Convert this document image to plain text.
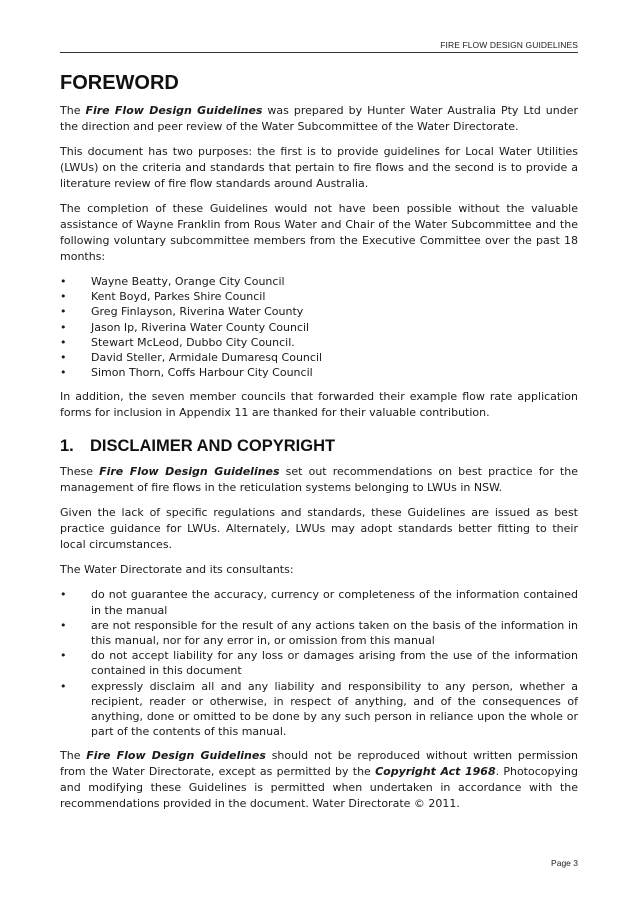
FIRE FLOW DESIGN GUIDELINES
FOREWORD

The Fire Flow Design Guidelines was prepared by Hunter Water Australia Pty Ltd under the direction and peer review of the Water Subcommittee of the Water Directorate.

This document has two purposes: the first is to provide guidelines for Local Water Utilities (LWUs) on the criteria and standards that pertain to fire flows and the second is to provide a literature review of fire flow standards around Australia.

The completion of these Guidelines would not have been possible without the valuable assistance of Wayne Franklin from Rous Water and Chair of the Water Subcommittee and the following voluntary subcommittee members from the Executive Committee over the past 18 months:

• Wayne Beatty, Orange City Council
• Kent Boyd, Parkes Shire Council
• Greg Finlayson, Riverina Water County
• Jason Ip, Riverina Water County Council
• Stewart McLeod, Dubbo City Council.
• David Steller, Armidale Dumaresq Council
• Simon Thorn, Coffs Harbour City Council

In addition, the seven member councils that forwarded their example flow rate application forms for inclusion in Appendix 11 are thanked for their valuable contribution.

1. DISCLAIMER AND COPYRIGHT

These Fire Flow Design Guidelines set out recommendations on best practice for the management of fire flows in the reticulation systems belonging to LWUs in NSW.

Given the lack of specific regulations and standards, these Guidelines are issued as best practice guidance for LWUs. Alternately, LWUs may adopt standards better fitting to their local circumstances.

The Water Directorate and its consultants:

• do not guarantee the accuracy, currency or completeness of the information contained in the manual
• are not responsible for the result of any actions taken on the basis of the information in this manual, nor for any error in, or omission from this manual
• do not accept liability for any loss or damages arising from the use of the information contained in this document
• expressly disclaim all and any liability and responsibility to any person, whether a recipient, reader or otherwise, in respect of anything, and of the consequences of anything, done or omitted to be done by any such person in reliance upon the whole or part of the contents of this manual.

The Fire Flow Design Guidelines should not be reproduced without written permission from the Water Directorate, except as permitted by the Copyright Act 1968. Photocopying and modifying these Guidelines is permitted when undertaken in accordance with the recommendations provided in the document. Water Directorate © 2011.

Page 3
